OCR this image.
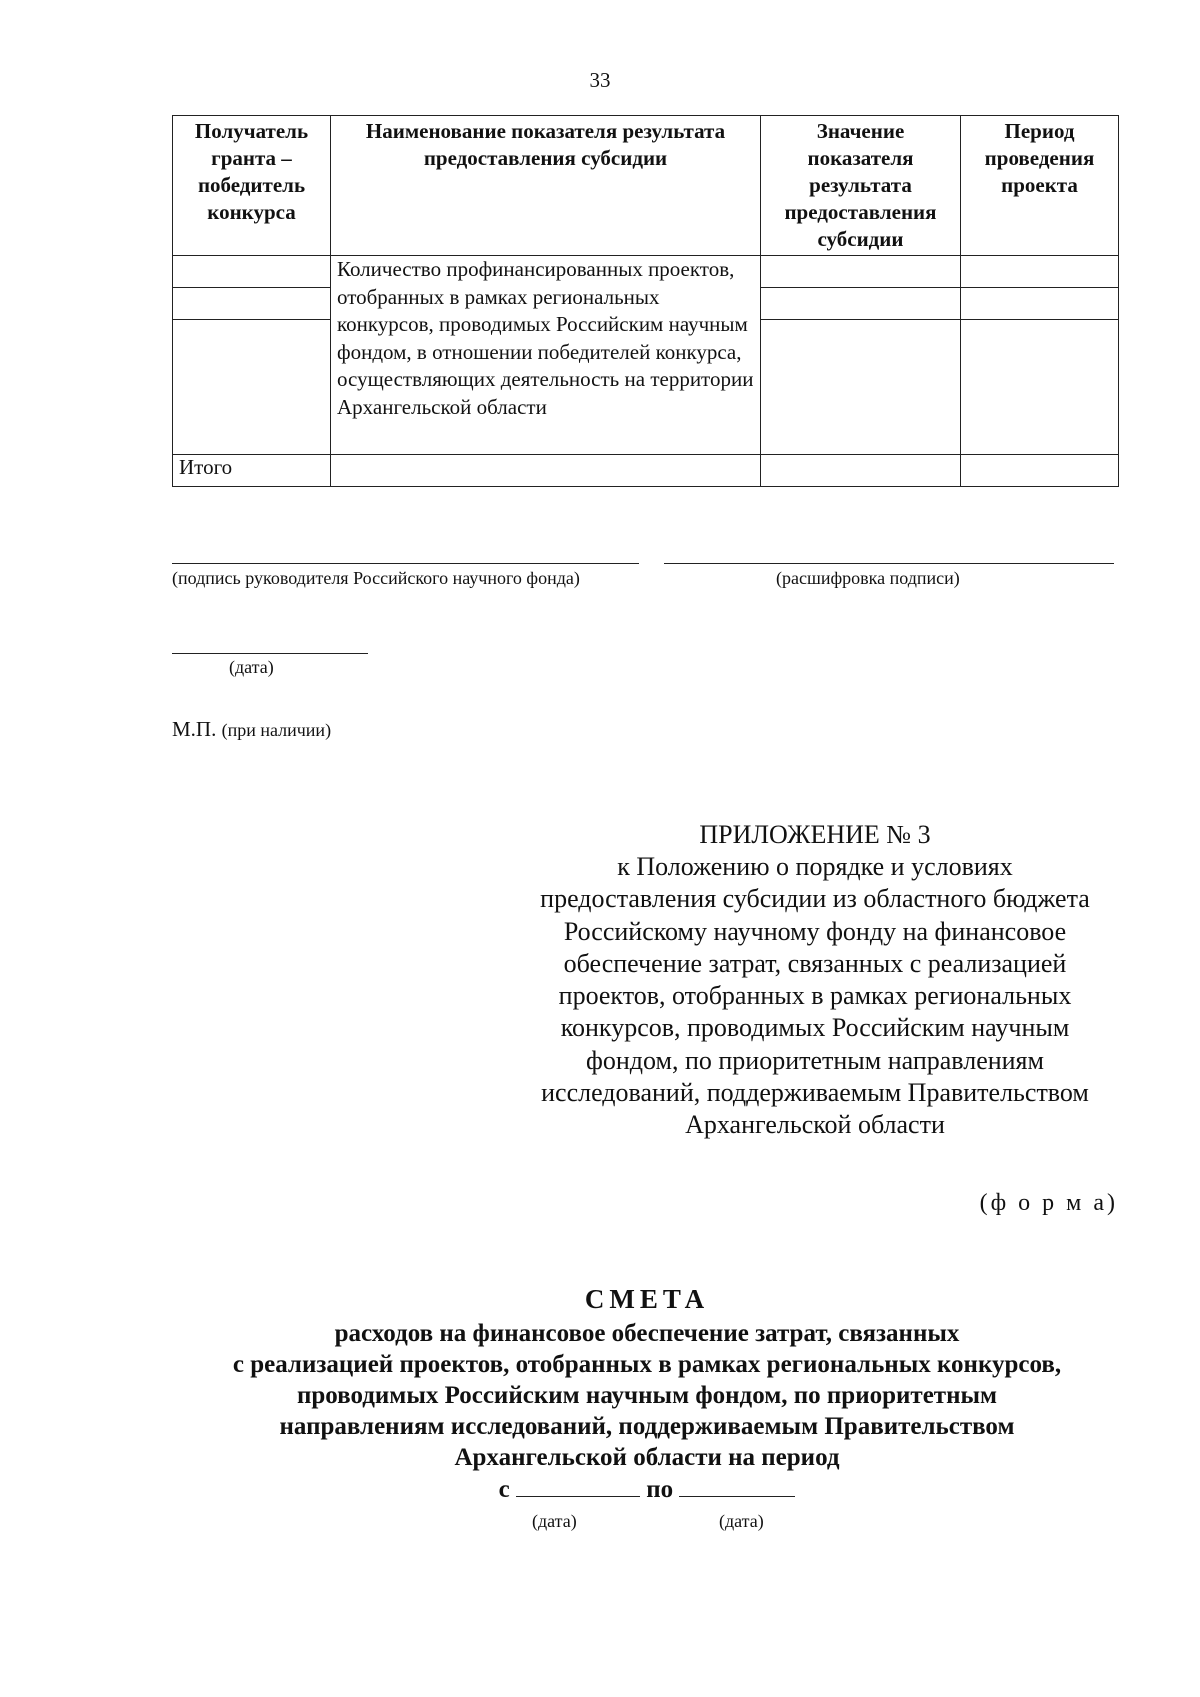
33
Получатель гранта – победитель конкурса	Наименование показателя результата предоставления субсидии	Значение показателя результата предоставления субсидии	Период проведения проекта
	Количество профинансированных проектов, отобранных в рамках региональных конкурсов, проводимых Российским научным фондом, в отношении победителей конкурса, осуществляющих деятельность на территории Архангельской области		

Итого			
(подпись руководителя Российского научного фонда)	(расшифровка подписи)
(дата)
М.П. (при наличии)
ПРИЛОЖЕНИЕ № 3
к Положению о порядке и условиях
предоставления субсидии из областного бюджета
Российскому научному фонду на финансовое
обеспечение затрат, связанных с реализацией
проектов, отобранных в рамках региональных
конкурсов, проводимых Российским научным
фондом, по приоритетным направлениям
исследований, поддерживаемым Правительством
Архангельской области
(ф о р м а)
СМЕТА
расходов на финансовое обеспечение затрат, связанных
с реализацией проектов, отобранных в рамках региональных конкурсов,
проводимых Российским научным фондом, по приоритетным
направлениям исследований, поддерживаемым Правительством
Архангельской области на период
с	по
(дата)	(дата)
